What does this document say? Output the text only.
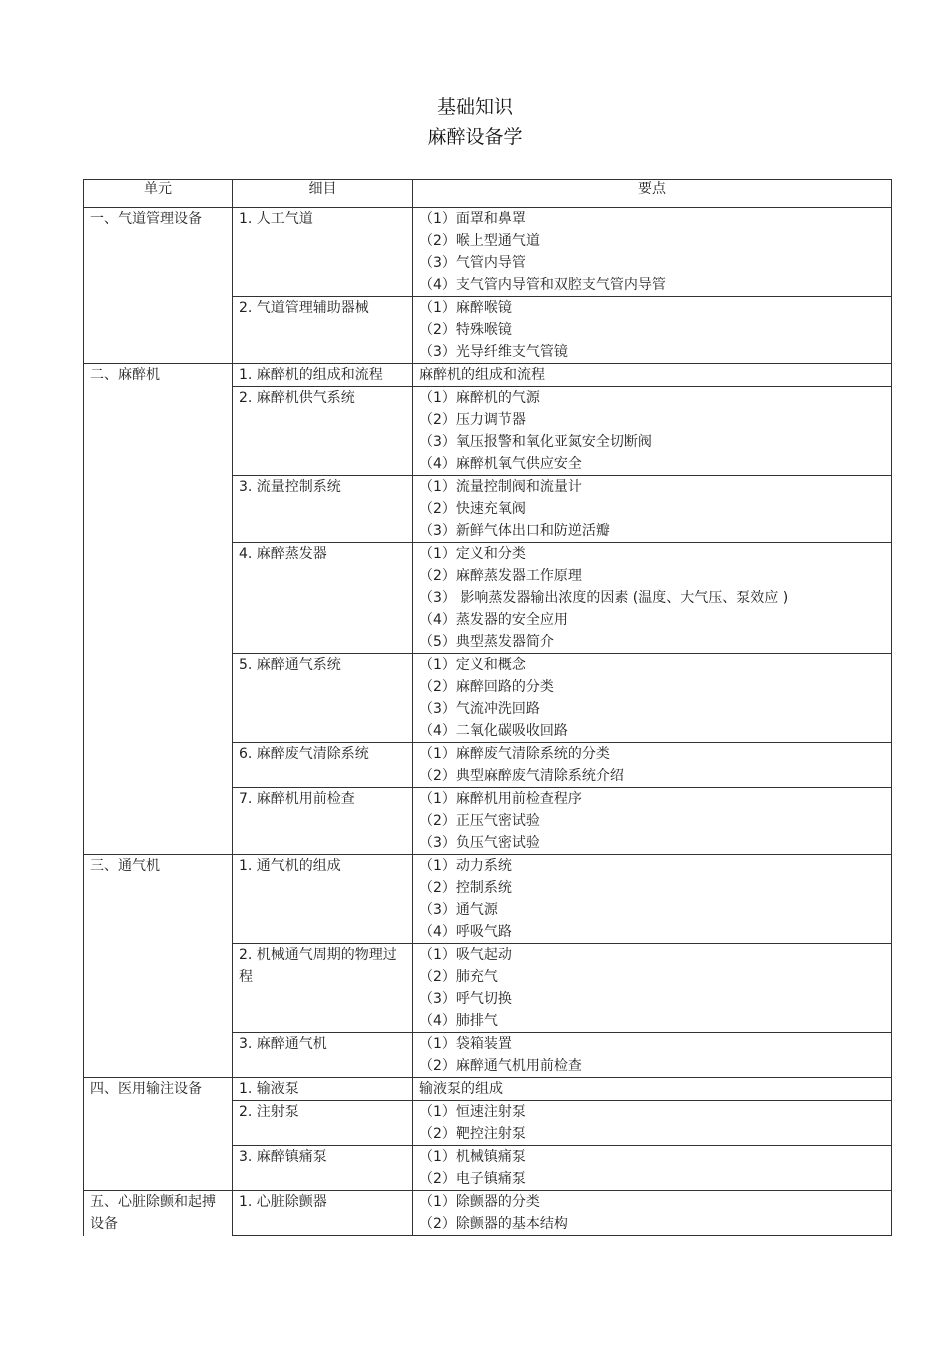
基础知识
麻醉设备学
单元	细目	要点
一、气道管理设备	1. 人工气道	（1）面罩和鼻罩
（2）喉上型通气道
（3）气管内导管
（4）支气管内导管和双腔支气管内导管

	2. 气道管理辅助器械	（1）麻醉喉镜
（2）特殊喉镜
（3）光导纤维支气管镜

二、麻醉机	1. 麻醉机的组成和流程	麻醉机的组成和流程

	2. 麻醉机供气系统	（1）麻醉机的气源
（2）压力调节器
（3）氧压报警和氧化亚氮安全切断阀
（4）麻醉机氧气供应安全

	3. 流量控制系统	（1）流量控制阀和流量计
（2）快速充氧阀
（3）新鲜气体出口和防逆活瓣

	4. 麻醉蒸发器	（1）定义和分类
（2）麻醉蒸发器工作原理
（3） 影响蒸发器输出浓度的因素 (温度、大气压、泵效应 )
（4）蒸发器的安全应用
（5）典型蒸发器简介

	5. 麻醉通气系统	（1）定义和概念
（2）麻醉回路的分类
（3）气流冲洗回路
（4）二氧化碳吸收回路

	6. 麻醉废气清除系统	（1）麻醉废气清除系统的分类
（2）典型麻醉废气清除系统介绍

	7. 麻醉机用前检查	（1）麻醉机用前检查程序
（2）正压气密试验
（3）负压气密试验

三、通气机	1. 通气机的组成	（1）动力系统
（2）控制系统
（3）通气源
（4）呼吸气路

	2. 机械通气周期的物理过程	（1）吸气起动
（2）肺充气
（3）呼气切换
（4）肺排气

	3. 麻醉通气机	（1）袋箱装置
（2）麻醉通气机用前检查

四、医用输注设备	1. 输液泵	输液泵的组成

	2. 注射泵	（1）恒速注射泵
（2）靶控注射泵

	3. 麻醉镇痛泵	（1）机械镇痛泵
（2）电子镇痛泵

五、心脏除颤和起搏设备	1. 心脏除颤器	（1）除颤器的分类
（2）除颤器的基本结构
